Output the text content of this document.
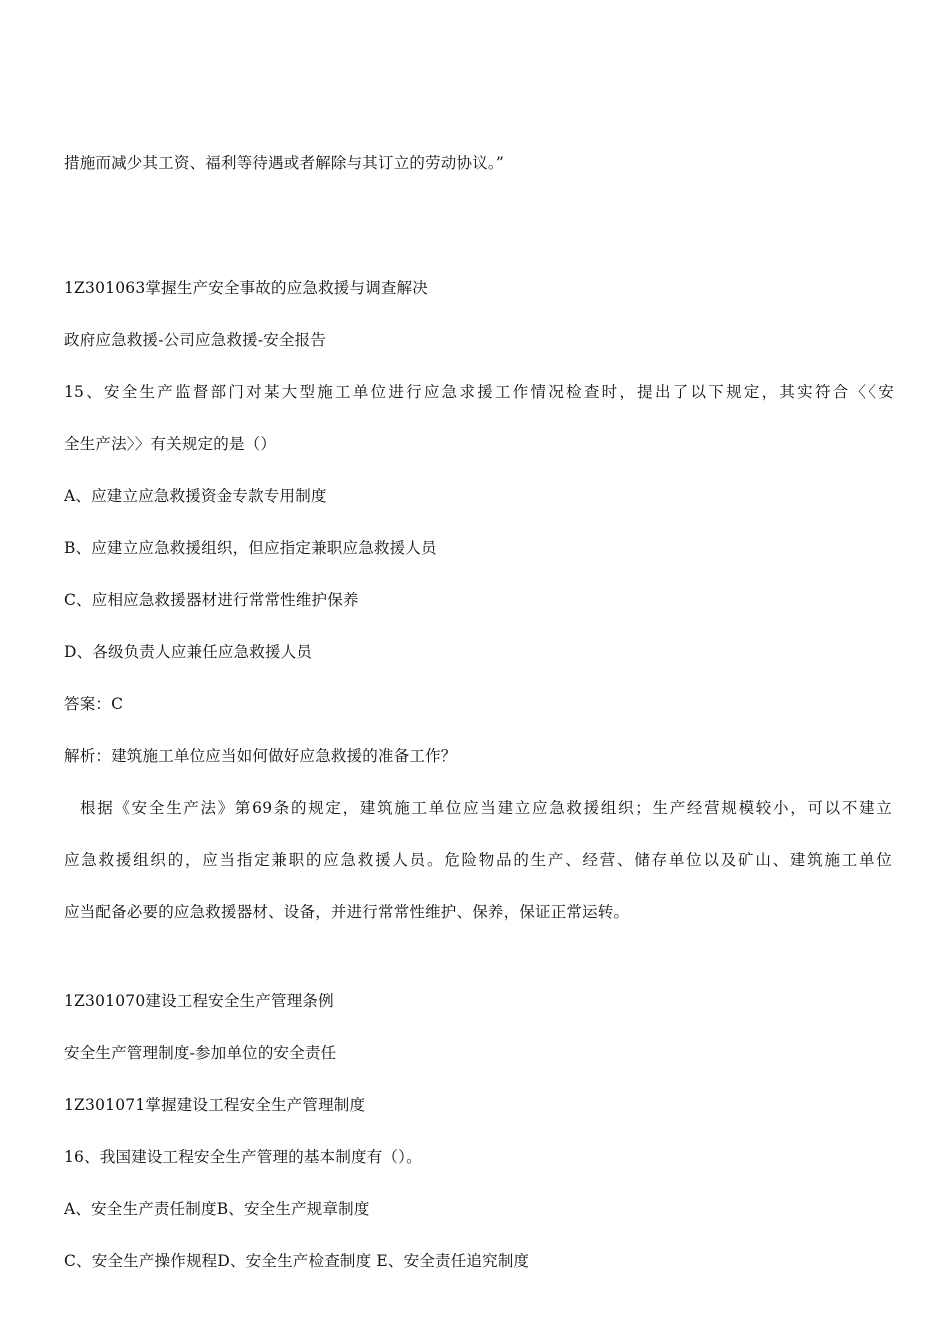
措施而减少其工资、福利等待遇或者解除与其订立的劳动协议。”
1Z301063掌握生产安全事故的应急救援与调查解决
政府应急救援-公司应急救援-安全报告
15、安全生产监督部门对某大型施工单位进行应急求援工作情况检查时，提出了以下规定，其实符合〈〈安
全生产法〉〉有关规定的是（）
A、应建立应急救援资金专款专用制度
B、应建立应急救援组织，但应指定兼职应急救援人员
C、应相应急救援器材进行常常性维护保养
D、各级负责人应兼任应急救援人员
答案：C
解析：建筑施工单位应当如何做好应急救援的准备工作？
根据《安全生产法》第69条的规定，建筑施工单位应当建立应急救援组织；生产经营规模较小，可以不建立
应急救援组织的，应当指定兼职的应急救援人员。危险物品的生产、经营、储存单位以及矿山、建筑施工单位
应当配备必要的应急救援器材、设备，并进行常常性维护、保养，保证正常运转。
1Z301070建设工程安全生产管理条例
安全生产管理制度-参加单位的安全责任
1Z301071掌握建设工程安全生产管理制度
16、我国建设工程安全生产管理的基本制度有（）。
A、安全生产责任制度B、安全生产规章制度
C、安全生产操作规程D、安全生产检查制度 E、安全责任追究制度
